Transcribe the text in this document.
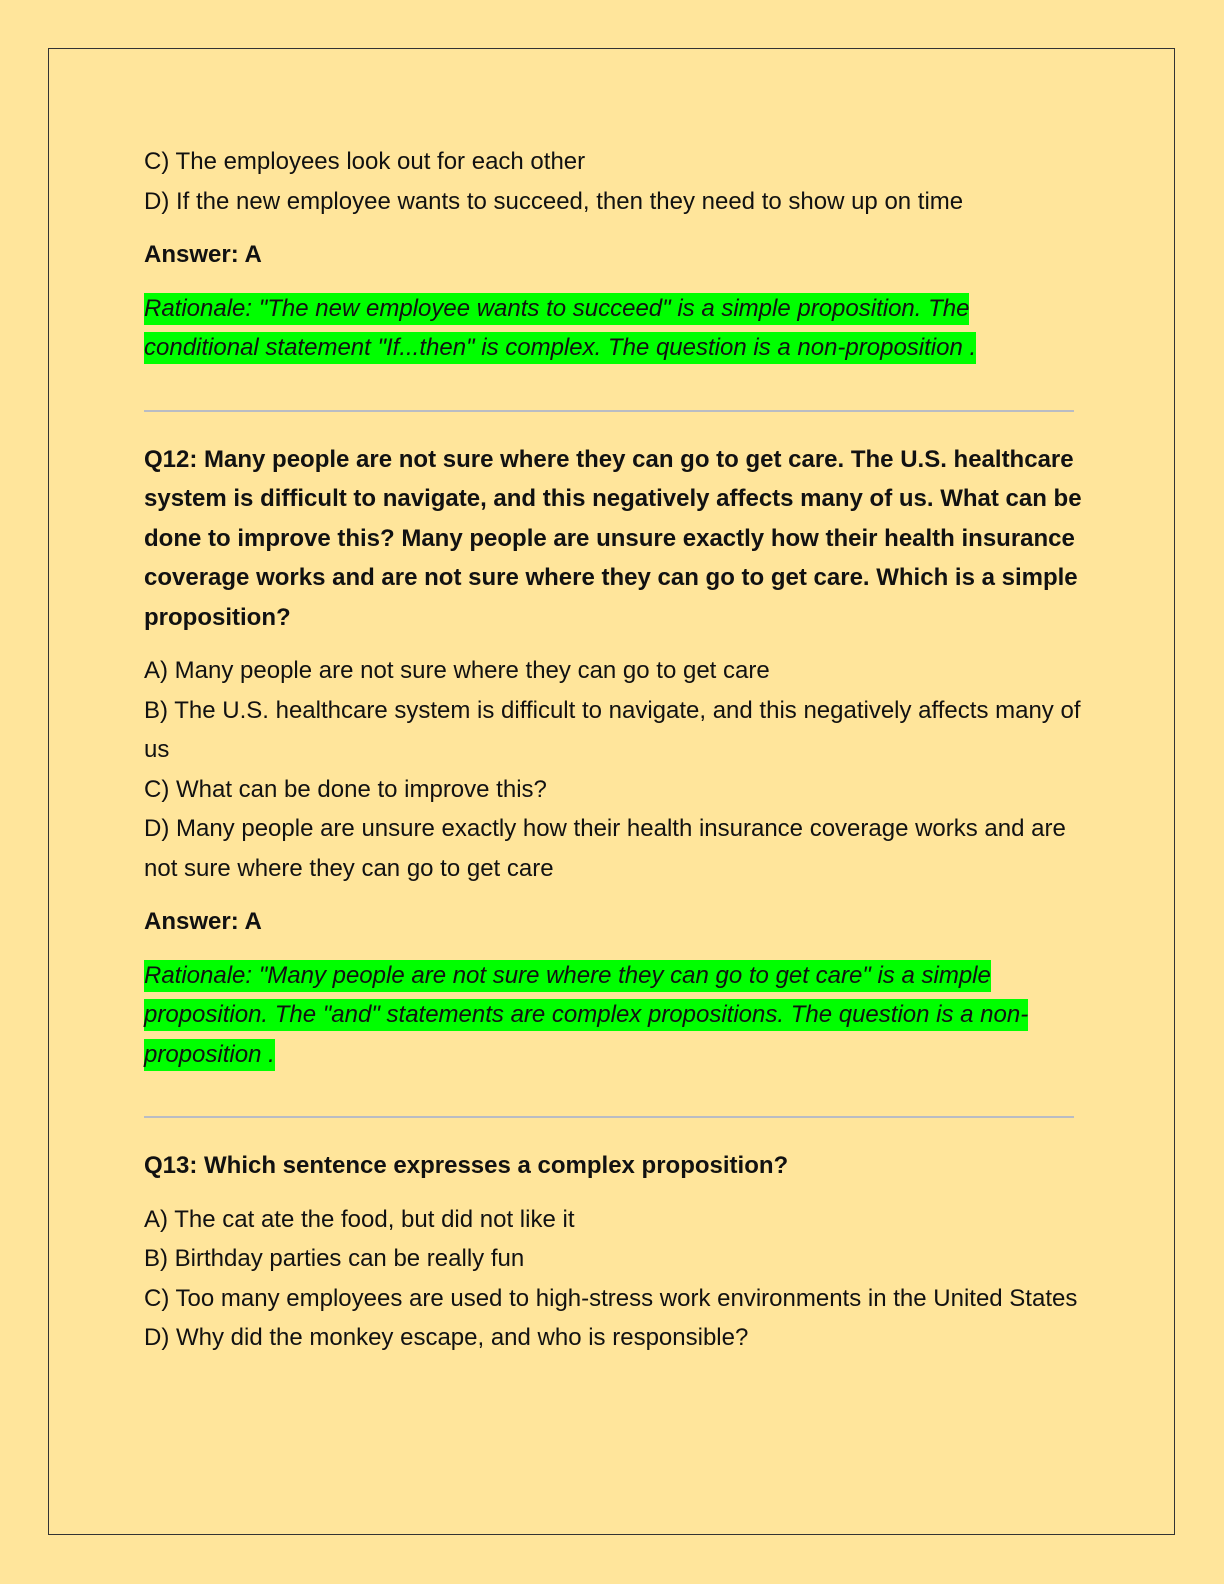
C) The employees look out for each other

D) If the new employee wants to succeed, then they need to show up on time

Answer: A

Rationale: "The new employee wants to succeed" is a simple proposition. The conditional statement "If...then" is complex. The question is a non-proposition .

Q12: Many people are not sure where they can go to get care. The U.S. healthcare system is difficult to navigate, and this negatively affects many of us. What can be done to improve this? Many people are unsure exactly how their health insurance coverage works and are not sure where they can go to get care. Which is a simple proposition?

A) Many people are not sure where they can go to get care

B) The U.S. healthcare system is difficult to navigate, and this negatively affects many of us

C) What can be done to improve this?

D) Many people are unsure exactly how their health insurance coverage works and are not sure where they can go to get care

Answer: A

Rationale: "Many people are not sure where they can go to get care" is a simple proposition. The "and" statements are complex propositions. The question is a non-proposition .

Q13: Which sentence expresses a complex proposition?

A) The cat ate the food, but did not like it

B) Birthday parties can be really fun

C) Too many employees are used to high-stress work environments in the United States

D) Why did the monkey escape, and who is responsible?
